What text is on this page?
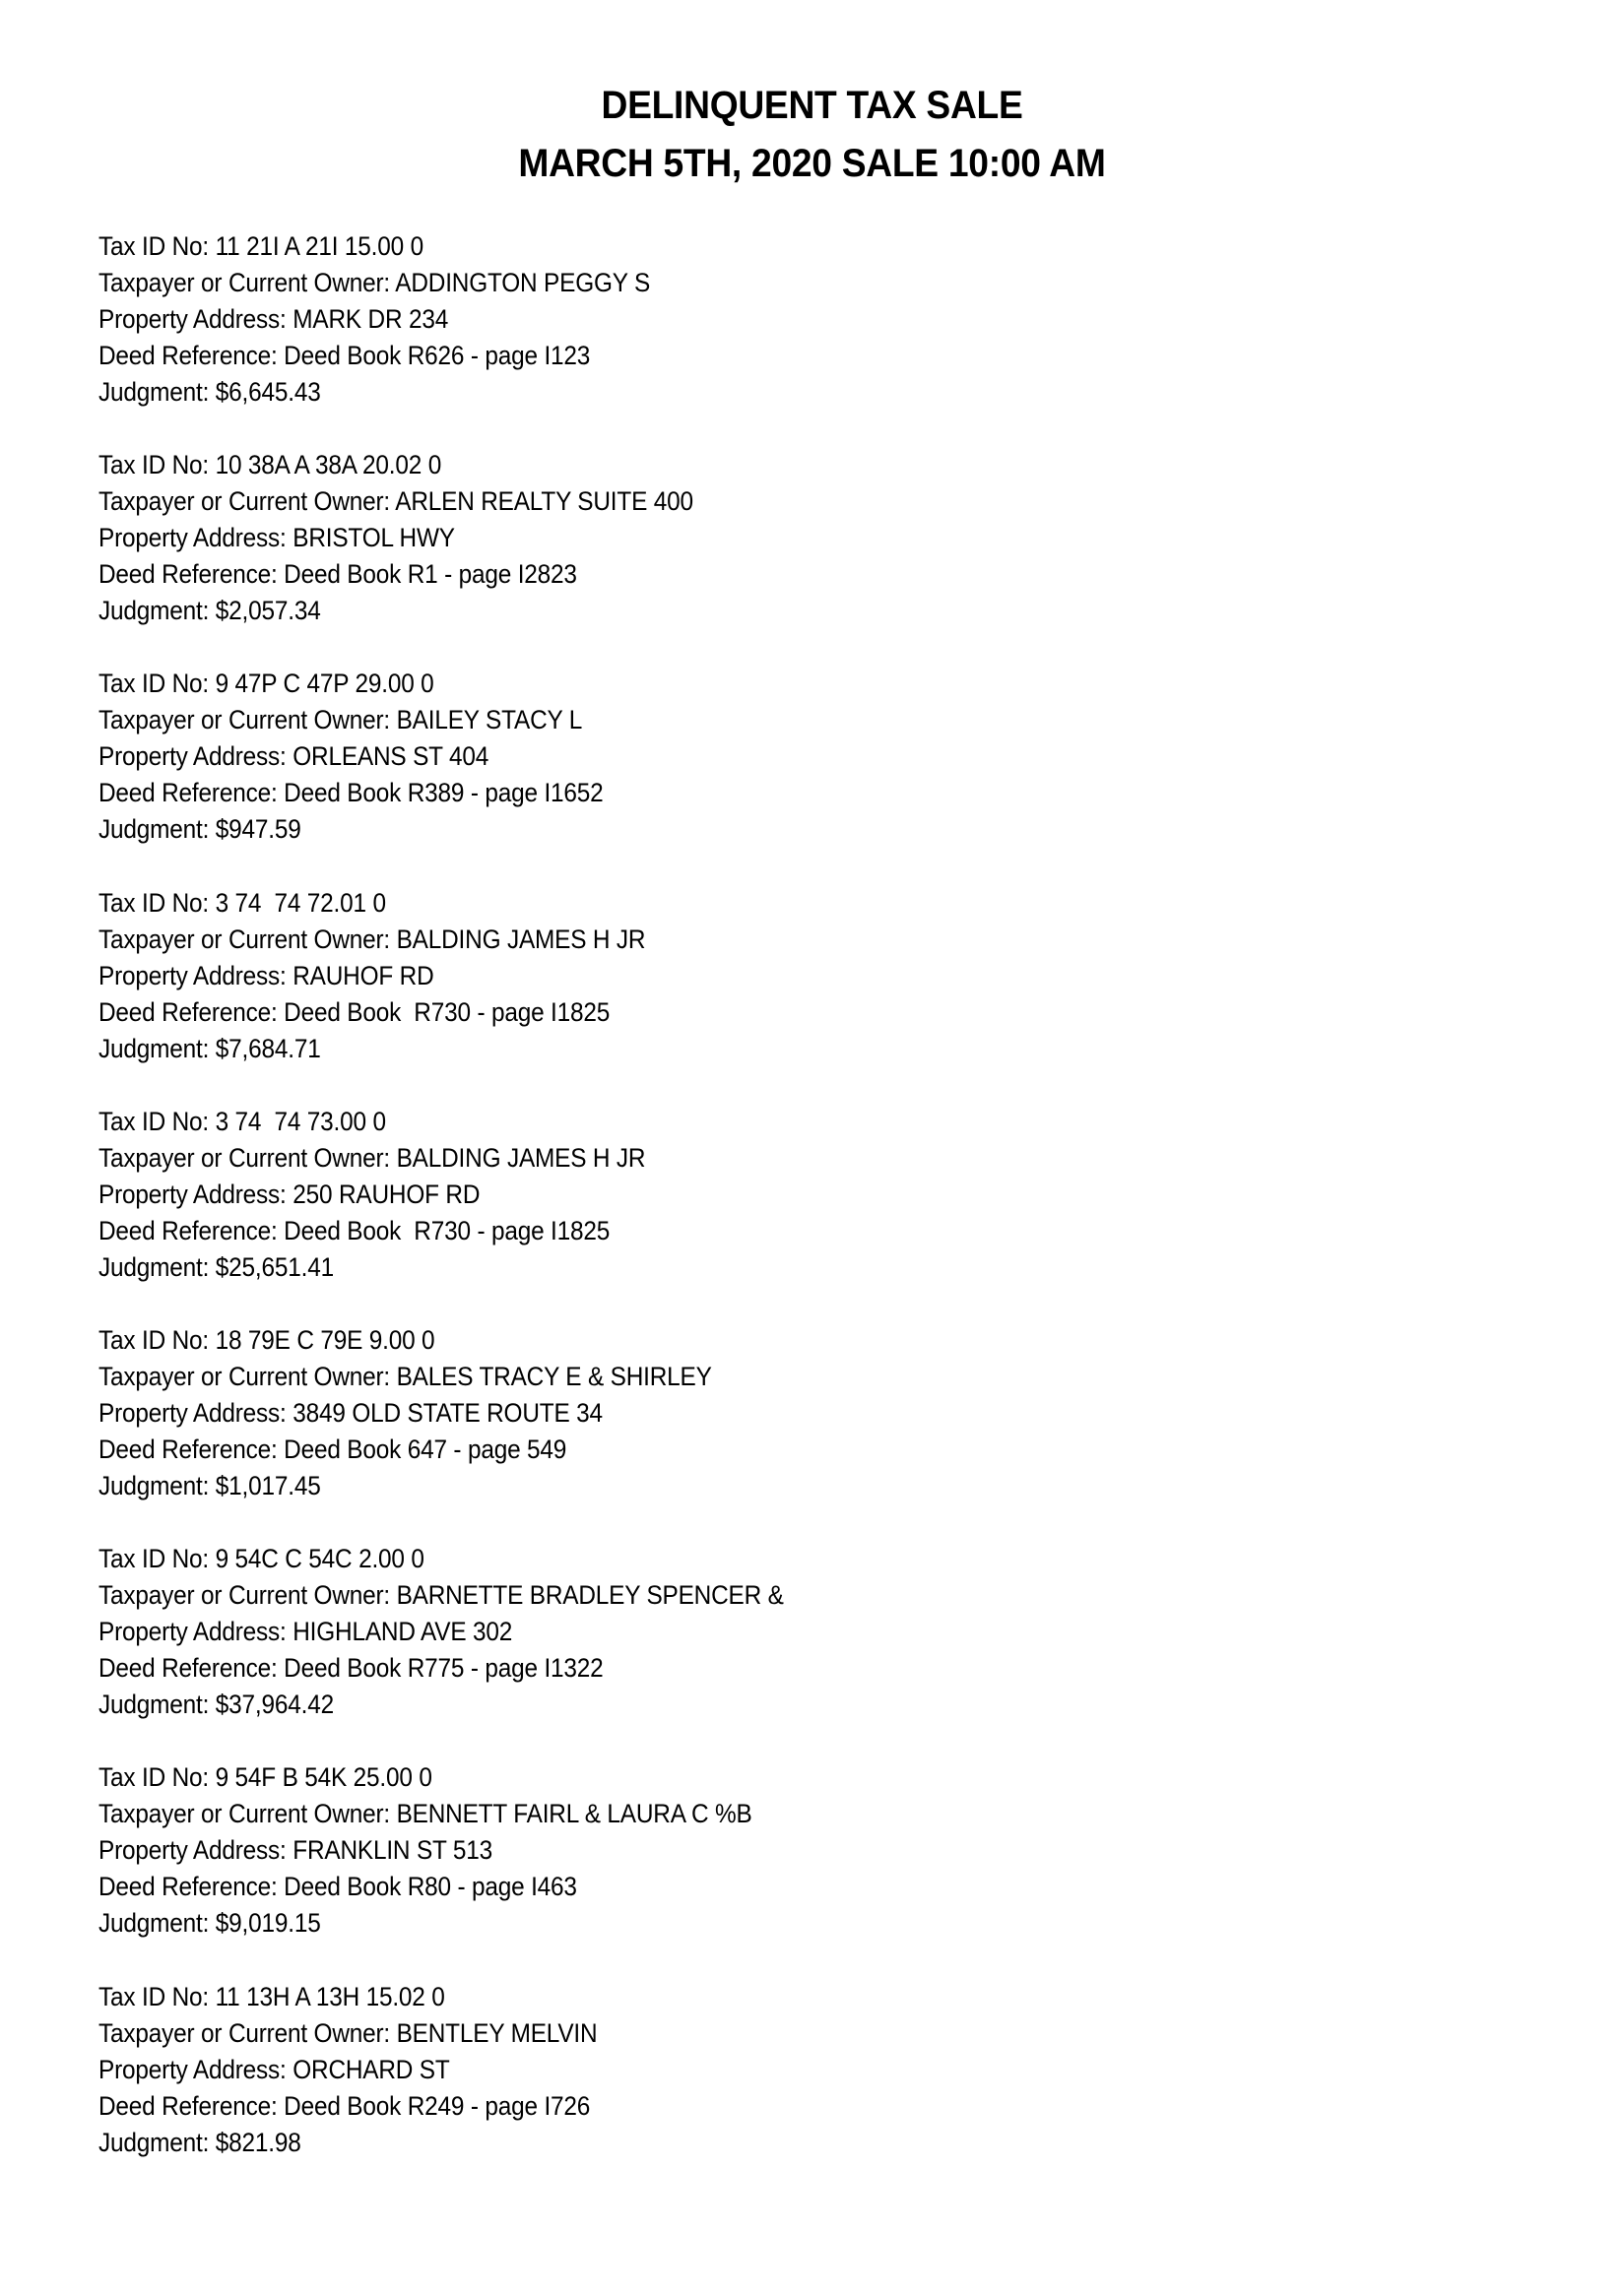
DELINQUENT TAX SALE
MARCH 5TH, 2020 SALE 10:00 AM
Tax ID No: 11 21I A 21I 15.00 0
Taxpayer or Current Owner: ADDINGTON PEGGY S
Property Address: MARK DR 234
Deed Reference: Deed Book R626 - page I123
Judgment: $6,645.43
Tax ID No: 10 38A A 38A 20.02 0
Taxpayer or Current Owner: ARLEN REALTY SUITE 400
Property Address: BRISTOL HWY
Deed Reference: Deed Book R1 - page I2823
Judgment: $2,057.34
Tax ID No: 9 47P C 47P 29.00 0
Taxpayer or Current Owner: BAILEY STACY L
Property Address: ORLEANS ST 404
Deed Reference: Deed Book R389 - page I1652
Judgment: $947.59
Tax ID No: 3 74  74 72.01 0
Taxpayer or Current Owner: BALDING JAMES H JR
Property Address: RAUHOF RD
Deed Reference: Deed Book  R730 - page I1825
Judgment: $7,684.71
Tax ID No: 3 74  74 73.00 0
Taxpayer or Current Owner: BALDING JAMES H JR
Property Address: 250 RAUHOF RD
Deed Reference: Deed Book  R730 - page I1825
Judgment: $25,651.41
Tax ID No: 18 79E C 79E 9.00 0
Taxpayer or Current Owner: BALES TRACY E & SHIRLEY
Property Address: 3849 OLD STATE ROUTE 34
Deed Reference: Deed Book 647 - page 549
Judgment: $1,017.45
Tax ID No: 9 54C C 54C 2.00 0
Taxpayer or Current Owner: BARNETTE BRADLEY SPENCER &
Property Address: HIGHLAND AVE 302
Deed Reference: Deed Book R775 - page I1322
Judgment: $37,964.42
Tax ID No: 9 54F B 54K 25.00 0
Taxpayer or Current Owner: BENNETT FAIRL & LAURA C %B
Property Address: FRANKLIN ST 513
Deed Reference: Deed Book R80 - page I463
Judgment: $9,019.15
Tax ID No: 11 13H A 13H 15.02 0
Taxpayer or Current Owner: BENTLEY MELVIN
Property Address: ORCHARD ST
Deed Reference: Deed Book R249 - page I726
Judgment: $821.98
